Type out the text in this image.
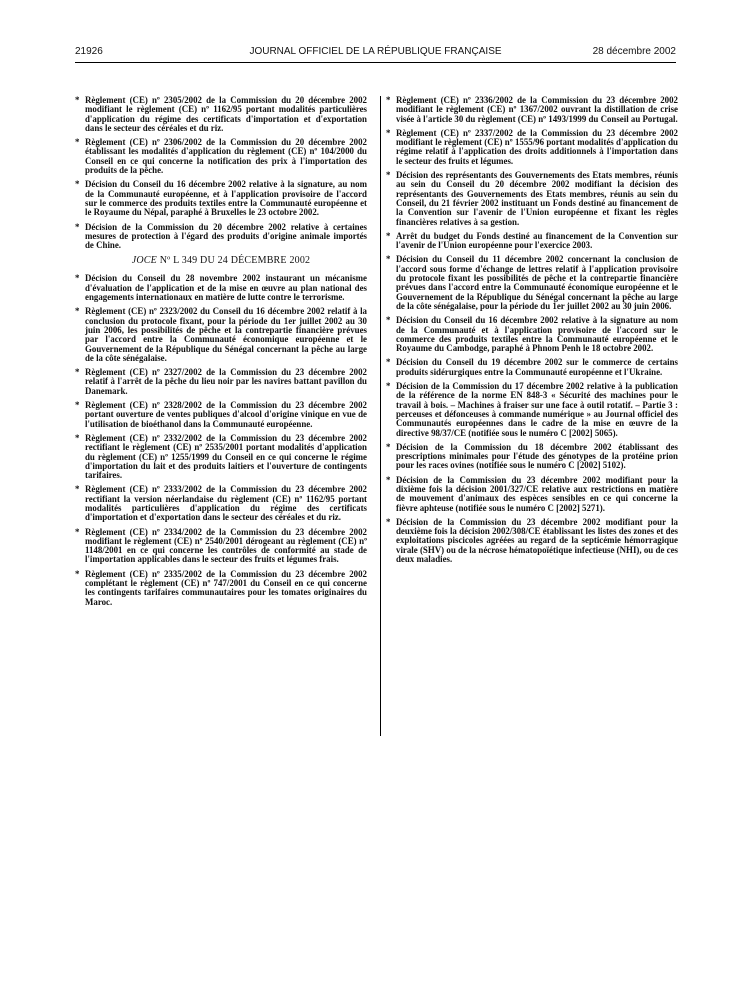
21926	JOURNAL OFFICIEL DE LA RÉPUBLIQUE FRANÇAISE	28 décembre 2002
* Règlement (CE) nº 2305/2002 de la Commission du 20 décembre 2002 modifiant le règlement (CE) nº 1162/95 portant modalités particulières d'application du régime des certificats d'importation et d'exportation dans le secteur des céréales et du riz.
* Règlement (CE) nº 2306/2002 de la Commission du 20 décembre 2002 établissant les modalités d'application du règlement (CE) nº 104/2000 du Conseil en ce qui concerne la notification des prix à l'importation des produits de la pêche.
* Décision du Conseil du 16 décembre 2002 relative à la signature, au nom de la Communauté européenne, et à l'application provisoire de l'accord sur le commerce des produits textiles entre la Communauté européenne et le Royaume du Népal, paraphé à Bruxelles le 23 octobre 2002.
* Décision de la Commission du 20 décembre 2002 relative à certaines mesures de protection à l'égard des produits d'origine animale importés de Chine.
JOCE Nº L 349 DU 24 DÉCEMBRE 2002
* Décision du Conseil du 28 novembre 2002 instaurant un mécanisme d'évaluation de l'application et de la mise en œuvre au plan national des engagements internationaux en matière de lutte contre le terrorisme.
* Règlement (CE) nº 2323/2002 du Conseil du 16 décembre 2002 relatif à la conclusion du protocole fixant, pour la période du 1er juillet 2002 au 30 juin 2006, les possibilités de pêche et la contrepartie financière prévues par l'accord entre la Communauté économique européenne et le Gouvernement de la République du Sénégal concernant la pêche au large de la côte sénégalaise.
* Règlement (CE) nº 2327/2002 de la Commission du 23 décembre 2002 relatif à l'arrêt de la pêche du lieu noir par les navires battant pavillon du Danemark.
* Règlement (CE) nº 2328/2002 de la Commission du 23 décembre 2002 portant ouverture de ventes publiques d'alcool d'origine vinique en vue de l'utilisation de bioéthanol dans la Communauté européenne.
* Règlement (CE) nº 2332/2002 de la Commission du 23 décembre 2002 rectifiant le règlement (CE) nº 2535/2001 portant modalités d'application du règlement (CE) nº 1255/1999 du Conseil en ce qui concerne le régime d'importation du lait et des produits laitiers et l'ouverture de contingents tarifaires.
* Règlement (CE) nº 2333/2002 de la Commission du 23 décembre 2002 rectifiant la version néerlandaise du règlement (CE) nº 1162/95 portant modalités particulières d'application du régime des certificats d'importation et d'exportation dans le secteur des céréales et du riz.
* Règlement (CE) nº 2334/2002 de la Commission du 23 décembre 2002 modifiant le règlement (CE) nº 2540/2001 dérogeant au règlement (CE) nº 1148/2001 en ce qui concerne les contrôles de conformité au stade de l'importation applicables dans le secteur des fruits et légumes frais.
* Règlement (CE) nº 2335/2002 de la Commission du 23 décembre 2002 complétant le règlement (CE) nº 747/2001 du Conseil en ce qui concerne les contingents tarifaires communautaires pour les tomates originaires du Maroc.
* Règlement (CE) nº 2336/2002 de la Commission du 23 décembre 2002 modifiant le règlement (CE) nº 1367/2002 ouvrant la distillation de crise visée à l'article 30 du règlement (CE) nº 1493/1999 du Conseil au Portugal.
* Règlement (CE) nº 2337/2002 de la Commission du 23 décembre 2002 modifiant le règlement (CE) nº 1555/96 portant modalités d'application du régime relatif à l'application des droits additionnels à l'importation dans le secteur des fruits et légumes.
* Décision des représentants des Gouvernements des Etats membres, réunis au sein du Conseil du 20 décembre 2002 modifiant la décision des représentants des Gouvernements des Etats membres, réunis au sein du Conseil, du 21 février 2002 instituant un Fonds destiné au financement de la Convention sur l'avenir de l'Union européenne et fixant les règles financières relatives à sa gestion.
* Arrêt du budget du Fonds destiné au financement de la Convention sur l'avenir de l'Union européenne pour l'exercice 2003.
* Décision du Conseil du 11 décembre 2002 concernant la conclusion de l'accord sous forme d'échange de lettres relatif à l'application provisoire du protocole fixant les possibilités de pêche et la contrepartie financière prévues dans l'accord entre la Communauté économique européenne et le Gouvernement de la République du Sénégal concernant la pêche au large de la côte sénégalaise, pour la période du 1er juillet 2002 au 30 juin 2006.
* Décision du Conseil du 16 décembre 2002 relative à la signature au nom de la Communauté et à l'application provisoire de l'accord sur le commerce des produits textiles entre la Communauté européenne et le Royaume du Cambodge, paraphé à Phnom Penh le 18 octobre 2002.
* Décision du Conseil du 19 décembre 2002 sur le commerce de certains produits sidérurgiques entre la Communauté européenne et l'Ukraine.
* Décision de la Commission du 17 décembre 2002 relative à la publication de la référence de la norme EN 848-3 « Sécurité des machines pour le travail à bois. – Machines à fraiser sur une face à outil rotatif. – Partie 3 : perceuses et défonceuses à commande numérique » au Journal officiel des Communautés européennes dans le cadre de la mise en œuvre de la directive 98/37/CE (notifiée sous le numéro C [2002] 5065).
* Décision de la Commission du 18 décembre 2002 établissant des prescriptions minimales pour l'étude des génotypes de la protéine prion pour les races ovines (notifiée sous le numéro C [2002] 5102).
* Décision de la Commission du 23 décembre 2002 modifiant pour la dixième fois la décision 2001/327/CE relative aux restrictions en matière de mouvement d'animaux des espèces sensibles en ce qui concerne la fièvre aphteuse (notifiée sous le numéro C [2002] 5271).
* Décision de la Commission du 23 décembre 2002 modifiant pour la deuxième fois la décision 2002/308/CE établissant les listes des zones et des exploitations piscicoles agréées au regard de la septicémie hémorragique virale (SHV) ou de la nécrose hématopoïétique infectieuse (NHI), ou de ces deux maladies.
